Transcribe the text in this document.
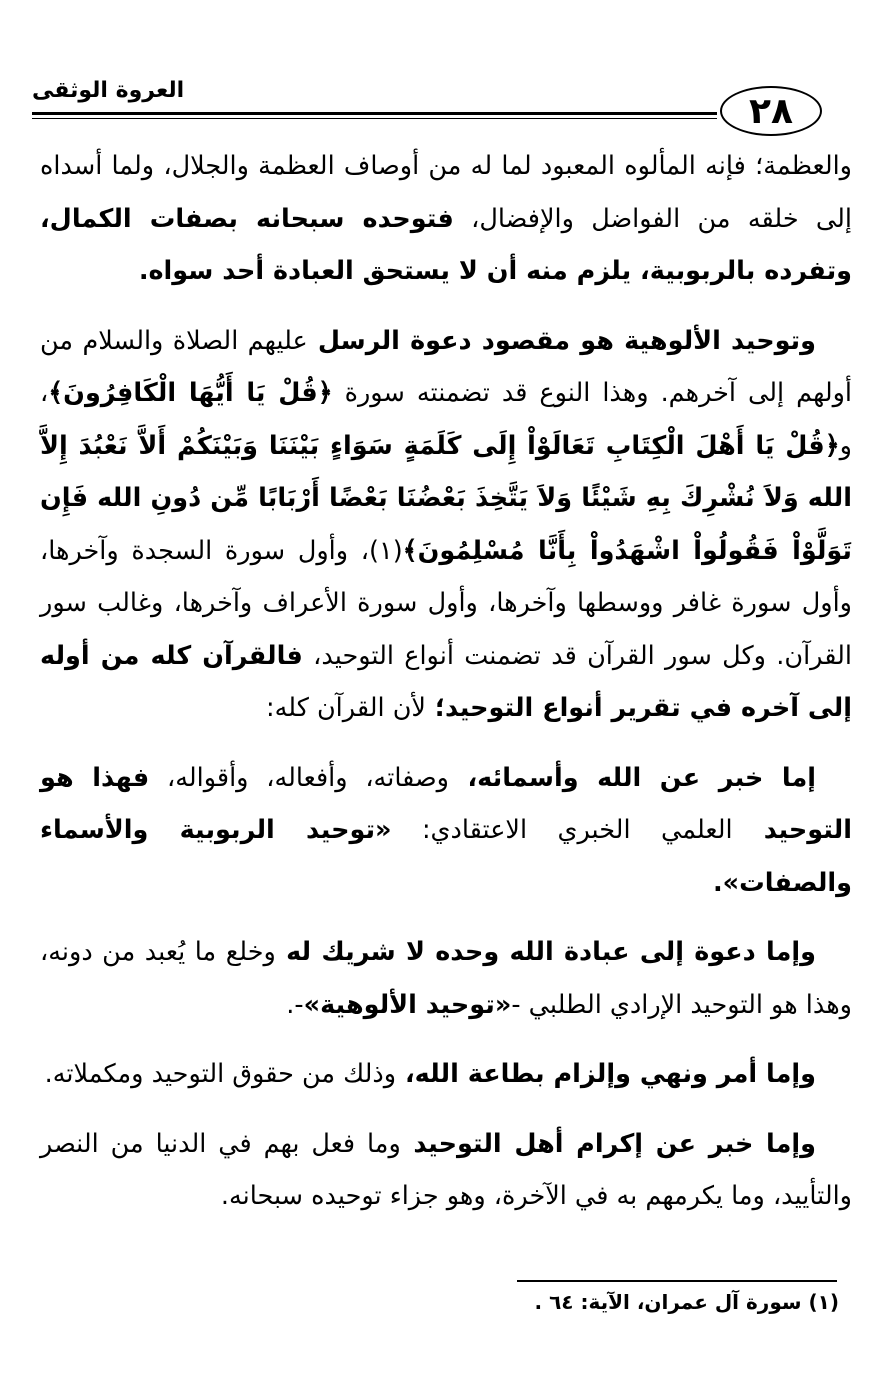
العروة الوثقى	٢٨

والعظمة؛ فإنه المألوه المعبود لما له من أوصاف العظمة والجلال، ولما أسداه إلى خلقه من الفواضل والإفضال، فتوحده سبحانه بصفات الكمال، وتفرده بالربوبية، يلزم منه أن لا يستحق العبادة أحد سواه.

وتوحيد الألوهية هو مقصود دعوة الرسل عليهم الصلاة والسلام من أولهم إلى آخرهم. وهذا النوع قد تضمنته سورة ﴿قُلْ يَا أَيُّهَا الْكَافِرُونَ﴾، و﴿قُلْ يَا أَهْلَ الْكِتَابِ تَعَالَوْاْ إِلَى كَلَمَةٍ سَوَاءٍ بَيْنَنَا وَبَيْنَكُمْ أَلاَّ نَعْبُدَ إِلاَّ الله وَلاَ نُشْرِكَ بِهِ شَيْئًا وَلاَ يَتَّخِذَ بَعْضُنَا بَعْضًا أَرْبَابًا مِّن دُونِ الله فَإِن تَوَلَّوْاْ فَقُولُواْ اشْهَدُواْ بِأَنَّا مُسْلِمُونَ﴾(١)، وأول سورة السجدة وآخرها، وأول سورة غافر ووسطها وآخرها، وأول سورة الأعراف وآخرها، وغالب سور القرآن. وكل سور القرآن قد تضمنت أنواع التوحيد، فالقرآن كله من أوله إلى آخره في تقرير أنواع التوحيد؛ لأن القرآن كله:

إما خبر عن الله وأسمائه، وصفاته، وأفعاله، وأقواله، فهذا هو التوحيد العلمي الخبري الاعتقادي: «توحيد الربوبية والأسماء والصفات».

وإما دعوة إلى عبادة الله وحده لا شريك له وخلع ما يُعبد من دونه، وهذا هو التوحيد الإرادي الطلبي -«توحيد الألوهية»-.

وإما أمر ونهي وإلزام بطاعة الله، وذلك من حقوق التوحيد ومكملاته.

وإما خبر عن إكرام أهل التوحيد وما فعل بهم في الدنيا من النصر والتأييد، وما يكرمهم به في الآخرة، وهو جزاء توحيده سبحانه.

(١) سورة آل عمران، الآية: ٦٤ .
